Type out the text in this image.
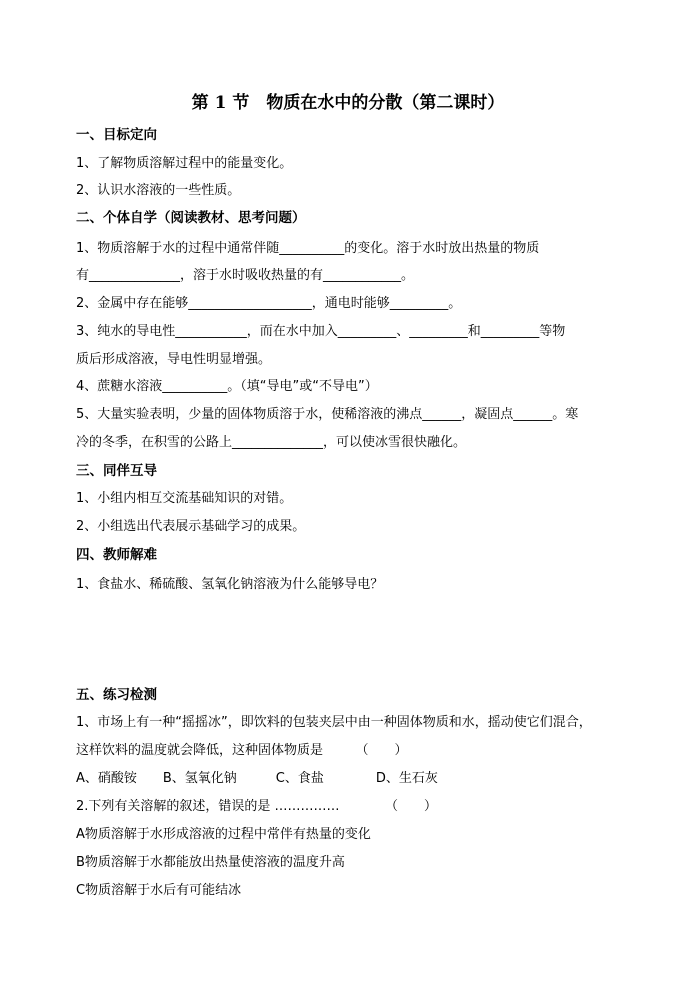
第 1 节　物质在水中的分散（第二课时）
一、目标定向
1、了解物质溶解过程中的能量变化。
2、认识水溶液的一些性质。
二、个体自学（阅读教材、思考问题）
1、物质溶解于水的过程中通常伴随__________的变化。溶于水时放出热量的物质
有______________，溶于水时吸收热量的有____________。
2、金属中存在能够___________________，通电时能够_________。
3、纯水的导电性___________，而在水中加入_________、_________和_________等物
质后形成溶液，导电性明显增强。
4、蔗糖水溶液__________。（填“导电”或“不导电”）
5、大量实验表明，少量的固体物质溶于水，使稀溶液的沸点______，凝固点______。寒
冷的冬季，在积雪的公路上______________，可以使冰雪很快融化。
三、同伴互导
1、小组内相互交流基础知识的对错。
2、小组选出代表展示基础学习的成果。
四、教师解难
1、食盐水、稀硫酸、氢氧化钠溶液为什么能够导电？
五、练习检测
1、市场上有一种“摇摇冰”，即饮料的包装夹层中由一种固体物质和水，摇动使它们混合，
这样饮料的温度就会降低，这种固体物质是　　　（　　）
A、硝酸铵　　B、氢氧化钠　　　C、食盐　　　　D、生石灰
2.下列有关溶解的叙述，错误的是 ……………　　　　（　　）
A物质溶解于水形成溶液的过程中常伴有热量的变化
B物质溶解于水都能放出热量使溶液的温度升高
C物质溶解于水后有可能结冰
